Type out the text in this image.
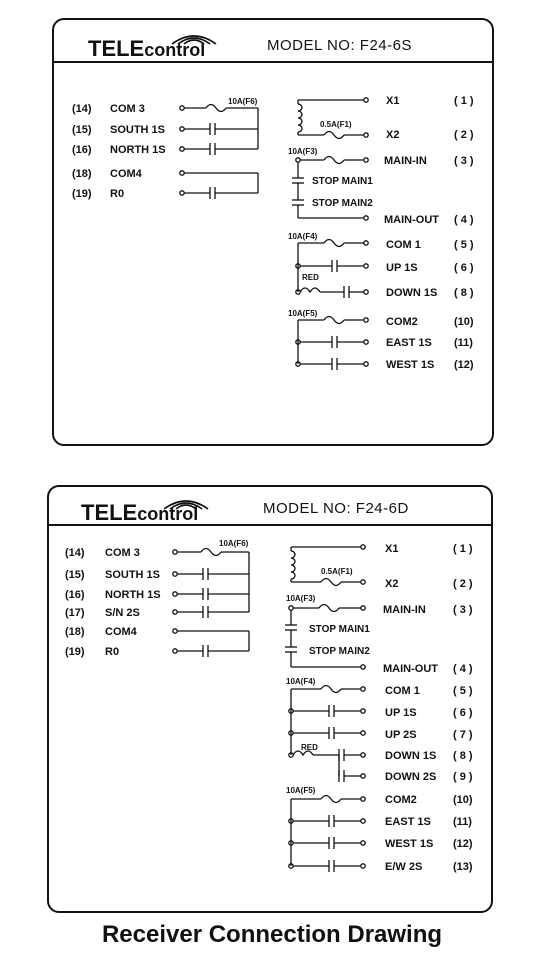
TELEcontrol	MODEL NO: F24-6S
(14) COM 3
(15) SOUTH 1S
(16) NORTH 1S
(18) COM4
(19) R0
10A(F6)	X1	( 1 )
X2	( 2 )
MAIN-IN ( 3 )
MAIN-OUT ( 4 )
COM 1	( 5 )
UP 1S	( 6 )
DOWN 1S ( 8 )
COM2	(10)
EAST 1S (11)
WEST 1S (12)
0.5A(F1)
10A(F3)
10A(F4)
10A(F5)
STOP MAIN1
STOP MAIN2
RED
TELEcontrol	MODEL NO: F24-6D
(14) COM 3
(15) SOUTH 1S
(16) NORTH 1S
(17) S/N 2S
(18) COM4
(19) R0
10A(F6)	X1	( 1 )
X2	( 2 )
MAIN-IN ( 3 )
MAIN-OUT ( 4 )
COM 1	( 5 )
UP 1S	( 6 )
UP 2S	( 7 )
DOWN 1S ( 8 )
DOWN 2S ( 9 )
COM2	(10)
EAST 1S (11)
WEST 1S (12)
E/W 2S	(13)
0.5A(F1)
10A(F3)
10A(F4)
10A(F5)
STOP MAIN1
STOP MAIN2
RED
Receiver Connection Drawing
